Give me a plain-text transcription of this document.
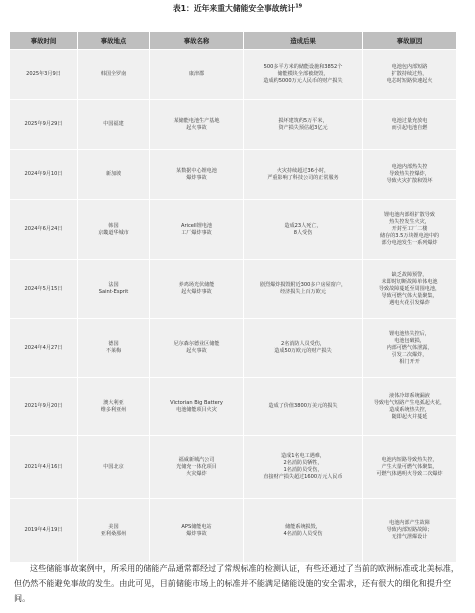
表1：近年来重大储能安全事故统计$^{19}$
事故时间	事故地点	事故名称	造成后果	事故原因
2025年3月9日	韩国全罗南	康津郡	500多平方米的储能设施和3852个
储能模块全部被烧毁，
造成约5000万元人民币的财产损失	电池包内部短路
扩散持续过热，
电芯时短路快速起火
2025年9月29日	中国福建	某储能电池生产基地
起火事故	损坏建筑约5万平米，
资产损失预估超3亿元	电池过量充放电
而引起电池自燃
2024年9月10日	新加坡	某数据中心锂电池
爆炸事故	火灾持续超过36小时，
严重影响了科技公司的正常服务	电池内部热失控
导致热失控爆炸，
导致火灾扩散和毁坏
2024年6月24日	韩国
京畿道华城市	Aricell锂电池
工厂爆炸事故	造成23人死亡，
8人受伤	锂电池内部组扩散导致
热失控发生火灾，
开封至工厂二楼
储存的3.5万块锂电池中的
部分电池发生一系列爆炸
2024年5月15日	法国
Saint-Esprit	养鸡场光伏储能
起火爆炸事故	剧烈爆炸损毁附近300多户房屋窗户，
经济损失上百万欧元	缺乏故障预警，
未即时切断故障单体电池
导致故障蔓延至周围电池，
导致可燃气体大量聚集，
遇电火花引发爆炸
2024年4月27日	德国
不莱梅	尼尔森尔德业区储能
起火事故	2名消防人员受伤，
造成50万欧元的财产损失	锂电池热失控后，
电池包破损，
内部可燃气体泄露，
引发二次爆炸，
相门开开
2021年9月20日	澳大利亚
维多利亚州	Victorian Big Battery
电池储能项目火灾	造成了价值3800万美元的损失	液体冷却系统漏液
导致电气短路产生电弧起火花，
造成系统热失控，
随即起火并蔓延
2021年4月16日	中国北京	福威新城汽公司
光储充一体化项目
火灾爆炸	造成1名电工遇难，
2名消防员牺牲，
1名消防员受伤，
直接财产损失超过1600万元人民币	电池内短路导致热失控，
产生大量可燃气体聚集，
可燃气体遇明火导致二次爆炸
2019年4月19日	美国
亚利桑那州	APS储能电站
爆炸事故	储能系统损毁，
4名消防人员受伤	电池内部产生故障
导致内部短路故障；
无排气泄爆设计

这些储能事故案例中，所采用的储能产品通常都经过了常规标准的检测认证，有些还通过了当前的欧洲标准或北美标准，但仍然不能避免事故的发生。由此可见，目前储能市场上的标准并不能满足储能设施的安全需求，还有很大的细化和提升空间。
